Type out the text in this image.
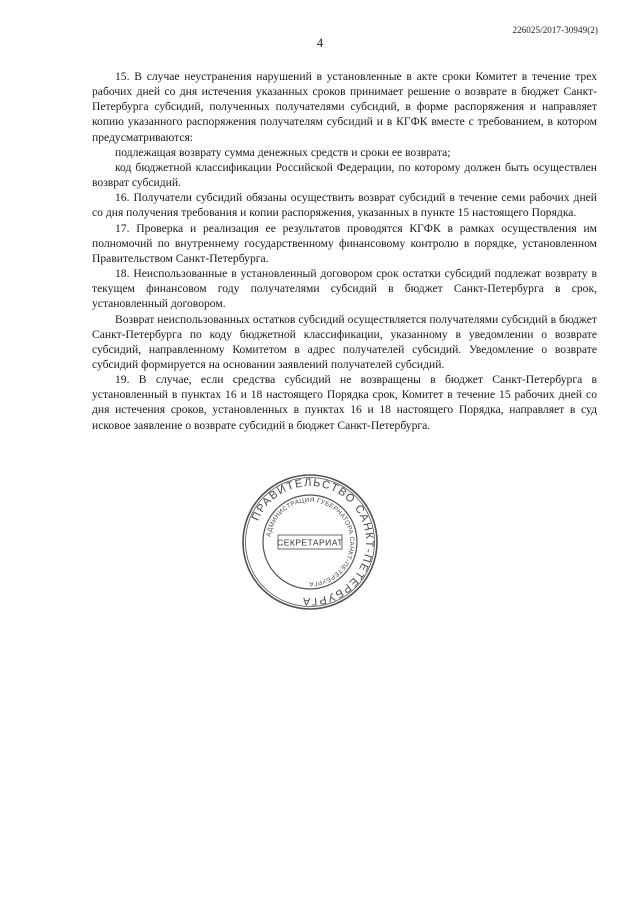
226025/2017-30949(2)
4

15. В случае неустранения нарушений в установленные в акте сроки Комитет в течение трех рабочих дней со дня истечения указанных сроков принимает решение о возврате в бюджет Санкт-Петербурга субсидий, полученных получателями субсидий, в форме распоряжения и направляет копию указанного распоряжения получателям субсидий и в КГФК вместе с требованием, в котором предусматриваются:

подлежащая возврату сумма денежных средств и сроки ее возврата;

код бюджетной классификации Российской Федерации, по которому должен быть осуществлен возврат субсидий.

16. Получатели субсидий обязаны осуществить возврат субсидий в течение семи рабочих дней со дня получения требования и копии распоряжения, указанных в пункте 15 настоящего Порядка.

17. Проверка и реализация ее результатов проводятся КГФК в рамках осуществления им полномочий по внутреннему государственному финансовому контролю в порядке, установленном Правительством Санкт-Петербурга.

18. Неиспользованные в установленный договором срок остатки субсидий подлежат возврату в текущем финансовом году получателями субсидий в бюджет Санкт-Петербурга в срок, установленный договором.

Возврат неиспользованных остатков субсидий осуществляется получателями субсидий в бюджет Санкт-Петербурга по коду бюджетной классификации, указанному в уведомлении о возврате субсидий, направленному Комитетом в адрес получателей субсидий. Уведомление о возврате субсидий формируется на основании заявлений получателей субсидий.

19. В случае, если средства субсидий не возвращены в бюджет Санкт-Петербурга в установленный в пунктах 16 и 18 настоящего Порядка срок, Комитет в течение 15 рабочих дней со дня истечения сроков, установленных в пунктах 16 и 18 настоящего Порядка, направляет в суд исковое заявление о возврате субсидий в бюджет Санкт-Петербурга.

ПРАВИТЕЛЬСТВО САНКТ-ПЕТЕРБУРГА
АДМИНИСТРАЦИЯ ГУБЕРНАТОРА САНКТ-ПЕТЕРБУРГА
СЕКРЕТАРИАТ
